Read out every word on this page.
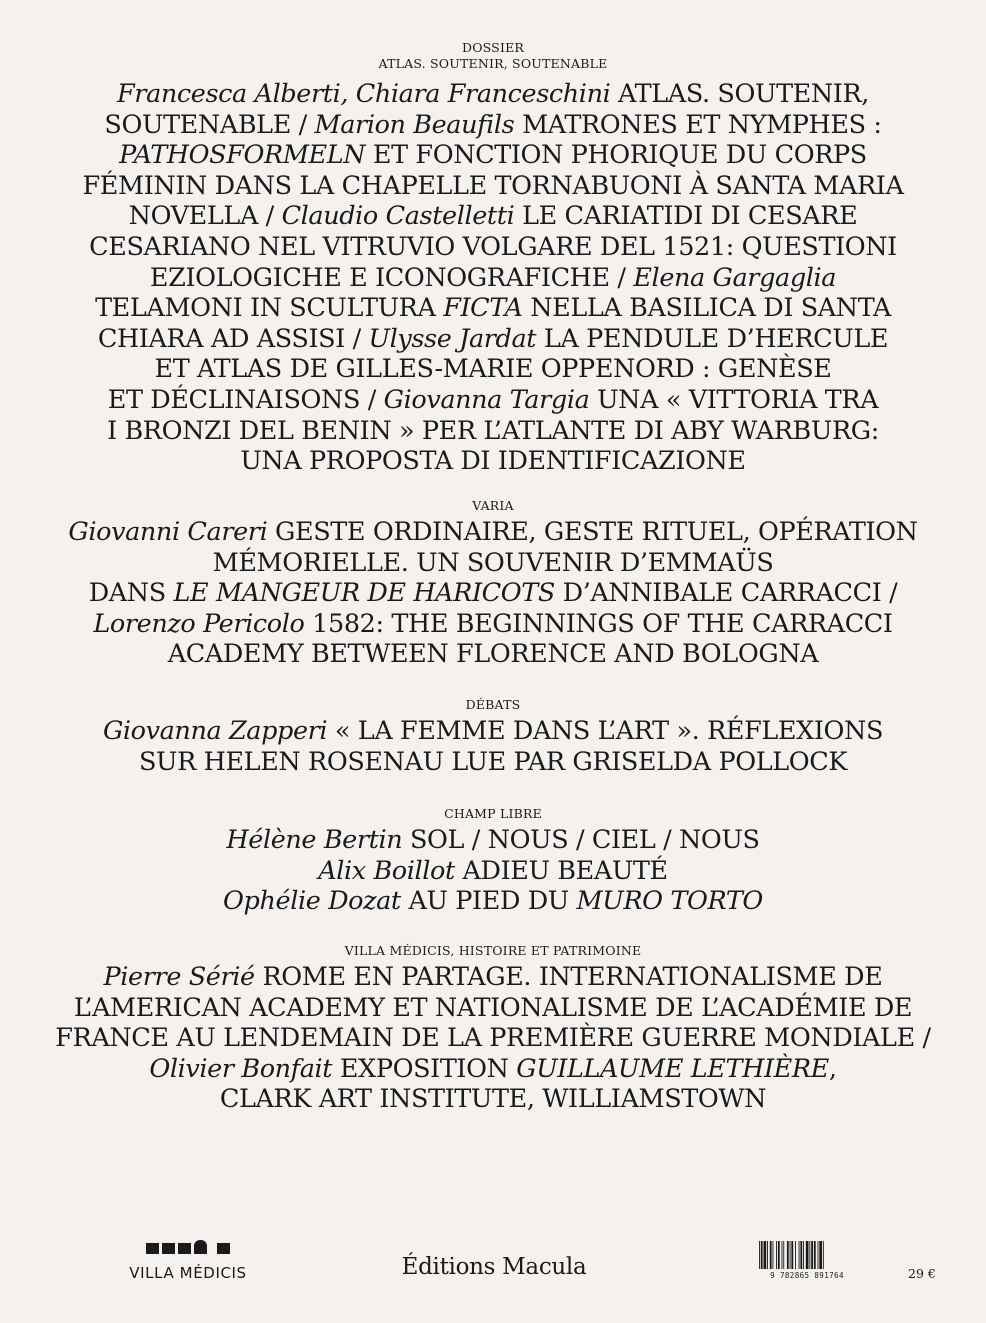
DOSSIER
ATLAS. SOUTENIR, SOUTENABLE
Francesca Alberti, Chiara Franceschini ATLAS. SOUTENIR,
SOUTENABLE / Marion Beaufils MATRONES ET NYMPHES :
PATHOSFORMELN ET FONCTION PHORIQUE DU CORPS
FÉMININ DANS LA CHAPELLE TORNABUONI À SANTA MARIA
NOVELLA / Claudio Castelletti LE CARIATIDI DI CESARE
CESARIANO NEL VITRUVIO VOLGARE DEL 1521: QUESTIONI
EZIOLOGICHE E ICONOGRAFICHE / Elena Gargaglia
TELAMONI IN SCULTURA FICTA NELLA BASILICA DI SANTA
CHIARA AD ASSISI / Ulysse Jardat LA PENDULE D’HERCULE
ET ATLAS DE GILLES-MARIE OPPENORD : GENÈSE
ET DÉCLINAISONS / Giovanna Targia UNA « VITTORIA TRA
I BRONZI DEL BENIN » PER L’ATLANTE DI ABY WARBURG:
UNA PROPOSTA DI IDENTIFICAZIONE
VARIA
Giovanni Careri GESTE ORDINAIRE, GESTE RITUEL, OPÉRATION
MÉMORIELLE. UN SOUVENIR D’EMMAÜS
DANS LE MANGEUR DE HARICOTS D’ANNIBALE CARRACCI /
Lorenzo Pericolo 1582: THE BEGINNINGS OF THE CARRACCI
ACADEMY BETWEEN FLORENCE AND BOLOGNA
DÉBATS
Giovanna Zapperi « LA FEMME DANS L’ART ». RÉFLEXIONS
SUR HELEN ROSENAU LUE PAR GRISELDA POLLOCK
CHAMP LIBRE
Hélène Bertin SOL / NOUS / CIEL / NOUS
Alix Boillot ADIEU BEAUTÉ
Ophélie Dozat AU PIED DU MURO TORTO
VILLA MÉDICIS, HISTOIRE ET PATRIMOINE
Pierre Sérié ROME EN PARTAGE. INTERNATIONALISME DE
L’AMERICAN ACADEMY ET NATIONALISME DE L’ACADÉMIE DE
FRANCE AU LENDEMAIN DE LA PREMIÈRE GUERRE MONDIALE /
Olivier Bonfait EXPOSITION GUILLAUME LETHIÈRE,
CLARK ART INSTITUTE, WILLIAMSTOWN
VILLA MÉDICIS	Éditions Macula	9 782865 891764	29 €
